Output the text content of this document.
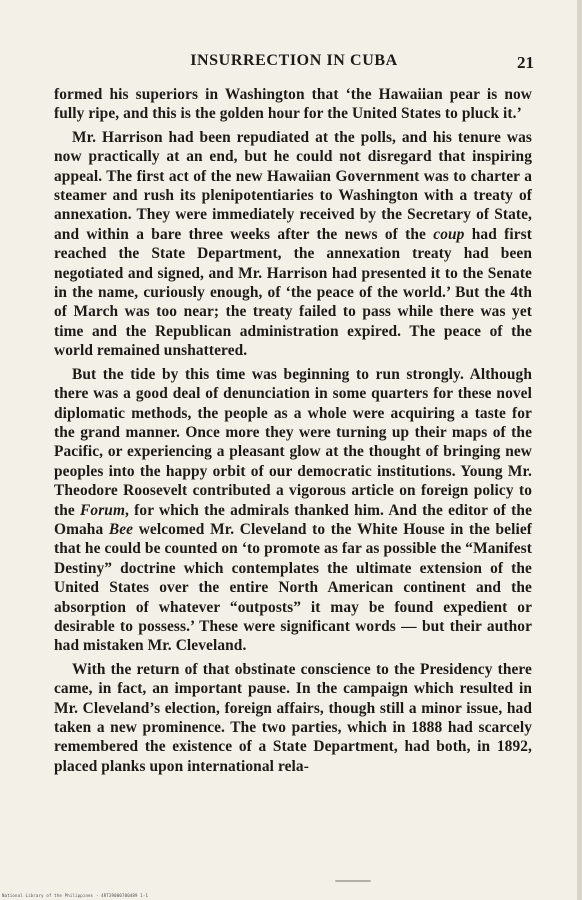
INSURRECTION IN CUBA	21

formed his superiors in Washington that ‘the Hawaiian pear is now fully ripe, and this is the golden hour for the United States to pluck it.’

Mr. Harrison had been repudiated at the polls, and his tenure was now practically at an end, but he could not disregard that inspiring appeal. The first act of the new Hawaiian Government was to charter a steamer and rush its plenipotentiaries to Washington with a treaty of annexation. They were immediately received by the Secretary of State, and within a bare three weeks after the news of the coup had first reached the State Department, the annexation treaty had been negotiated and signed, and Mr. Harrison had presented it to the Senate in the name, curiously enough, of ‘the peace of the world.’ But the 4th of March was too near; the treaty failed to pass while there was yet time and the Republican administration expired. The peace of the world remained unshattered.

But the tide by this time was beginning to run strongly. Although there was a good deal of denunciation in some quarters for these novel diplomatic methods, the people as a whole were acquiring a taste for the grand manner. Once more they were turning up their maps of the Pacific, or experiencing a pleasant glow at the thought of bringing new peoples into the happy orbit of our democratic institutions. Young Mr. Theodore Roosevelt contributed a vigorous article on foreign policy to the Forum, for which the admirals thanked him. And the editor of the Omaha Bee welcomed Mr. Cleveland to the White House in the belief that he could be counted on ‘to promote as far as possible the “Manifest Destiny” doctrine which contemplates the ultimate extension of the United States over the entire North American continent and the absorption of whatever “outposts” it may be found expedient or desirable to possess.’ These were significant words — but their author had mistaken Mr. Cleveland.

With the return of that obstinate conscience to the Presidency there came, in fact, an important pause. In the campaign which resulted in Mr. Cleveland’s election, foreign affairs, though still a minor issue, had taken a new prominence. The two parties, which in 1888 had scarcely remembered the existence of a State Department, had both, in 1892, placed planks upon international rela-

National Library of the Philippines · 4RT39000700489 1-1
